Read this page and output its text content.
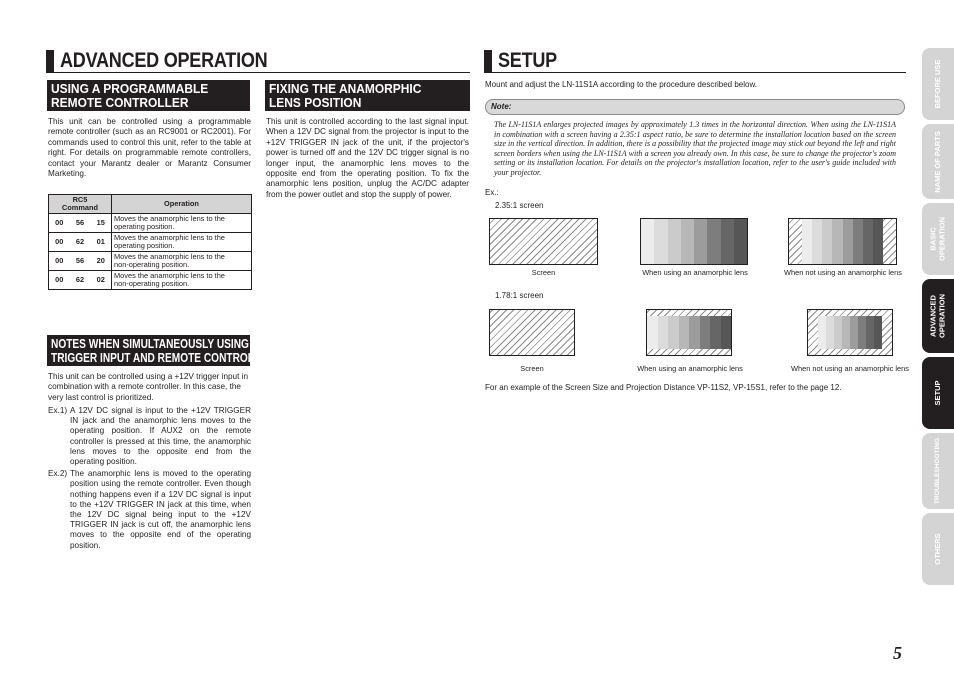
ADVANCED OPERATION
USING A PROGRAMMABLE
REMOTE CONTROLLER

This unit can be controlled using a programmable remote controller (such as an RC9001 or RC2001). For commands used to control this unit, refer to the table at right. For details on programmable remote controllers, contact your Marantz dealer or Marantz Consumer Marketing.

RC5
Command			Operation
00	56	15	Moves the anamorphic lens to the
operating position.

00	62	01	Moves the anamorphic lens to the
operating position.

00	56	20	Moves the anamorphic lens to the
non-operating position.

00	62	02	Moves the anamorphic lens to the
non-operating position.
FIXING THE ANAMORPHIC
LENS POSITION

This unit is controlled according to the last signal input. When a 12V DC signal from the projector is input to the +12V TRIGGER IN jack of the unit, if the projector's power is turned off and the 12V DC trigger signal is no longer input, the anamorphic lens moves to the opposite end from the operating position. To fix the anamorphic lens position, unplug the AC/DC adapter from the power outlet and stop the supply of power.

NOTES WHEN SIMULTANEOUSLY USING +12 V
TRIGGER INPUT AND REMOTE CONTROLLER

This unit can be controlled using a +12V trigger input in combination with a remote controller. In this case, the very last control is prioritized.

Ex.1) A 12V DC signal is input to the +12V TRIGGER IN jack and the anamorphic lens moves to the operating position. If AUX2 on the remote controller is pressed at this time, the anamorphic lens moves to the opposite end from the operating position.
Ex.2) The anamorphic lens is moved to the operating position using the remote controller. Even though nothing happens even if a 12V DC signal is input to the +12V TRIGGER IN jack at this time, when the 12V DC signal being input to the +12V TRIGGER IN jack is cut off, the anamorphic lens moves to the opposite end of the operating position.
SETUP
Mount and adjust the LN-11S1A according to the procedure described below.
Note:
The LN-11S1A enlarges projected images by approximately 1.3 times in the horizontal direction. When using the LN-11S1A in combination with a screen having a 2.35:1 aspect ratio, be sure to determine the installation location based on the screen size in the vertical direction. In addition, there is a possibility that the projected image may stick out beyond the left and right screen borders when using the LN-11S1A with a screen you already own. In this case, be sure to change the projector's zoom setting or its installation location. For details on the projector's installation location, refer to the user's guide included with your projector.
Ex.:
2.35:1 screen
Screen	When using an anamorphic lens	When not using an anamorphic lens
1.78:1 screen
Screen	When using an anamorphic lens	When not using an anamorphic lens
For an example of the Screen Size and Projection Distance VP-11S2, VP-15S1, refer to the page 12.
BEFORE USE
NAME OF PARTS
BASIC OPERATION
ADVANCED OPERATION
SETUP
TROUBLESHOOTING
OTHERS
5
